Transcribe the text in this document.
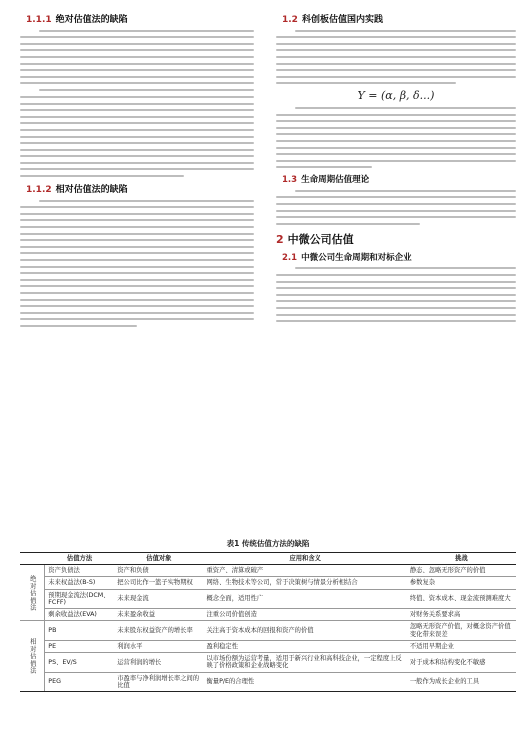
1.1.1 绝对估值法的缺陷
1.1.2 相对估值法的缺陷
1.2 科创板估值国内实践
Y = (α, β, δ...)
1.3 生命周期估值理论
2 中微公司估值
2.1 中微公司生命周期和对标企业
表1 传统估值方法的缺陷
	估值方法	估值对象	应用和含义	挑战
绝对估值法	资产负债法	资产和负债	重资产、清算或破产	静态、忽略无形资产的价值
	未来权益法(B-S)	把公司比作一篮子实物期权	网络、生物技术等公司，常于决策树与情景分析相结合	参数复杂
	预期现金流法(DCM、FCFF)	未来现金流	概念全面，适用性广	终值、资本成本、现金流预测难度大
	剩余收益法(EVA)	未来盈余收益	注重公司价值创造	对财务关系要求高
相对估值法	PB	未来股东权益资产的增长率	关注高于资本成本的回报和资产的价值	忽略无形资产价值，对概念资产价值变化带来误差
	PE	利润水平	盈利稳定性	不适用早期企业
	PS、EV/S	运营利润的增长	以市场份额为运营考量，适用于新兴行业和高科技企业，一定程度上反映了价格政策和企业战略变化	对于成本和结构变化不敏感
	PEG	市盈率与净利润增长率之间的比值	衡量P/E的合理性	一般作为成长企业的工具
